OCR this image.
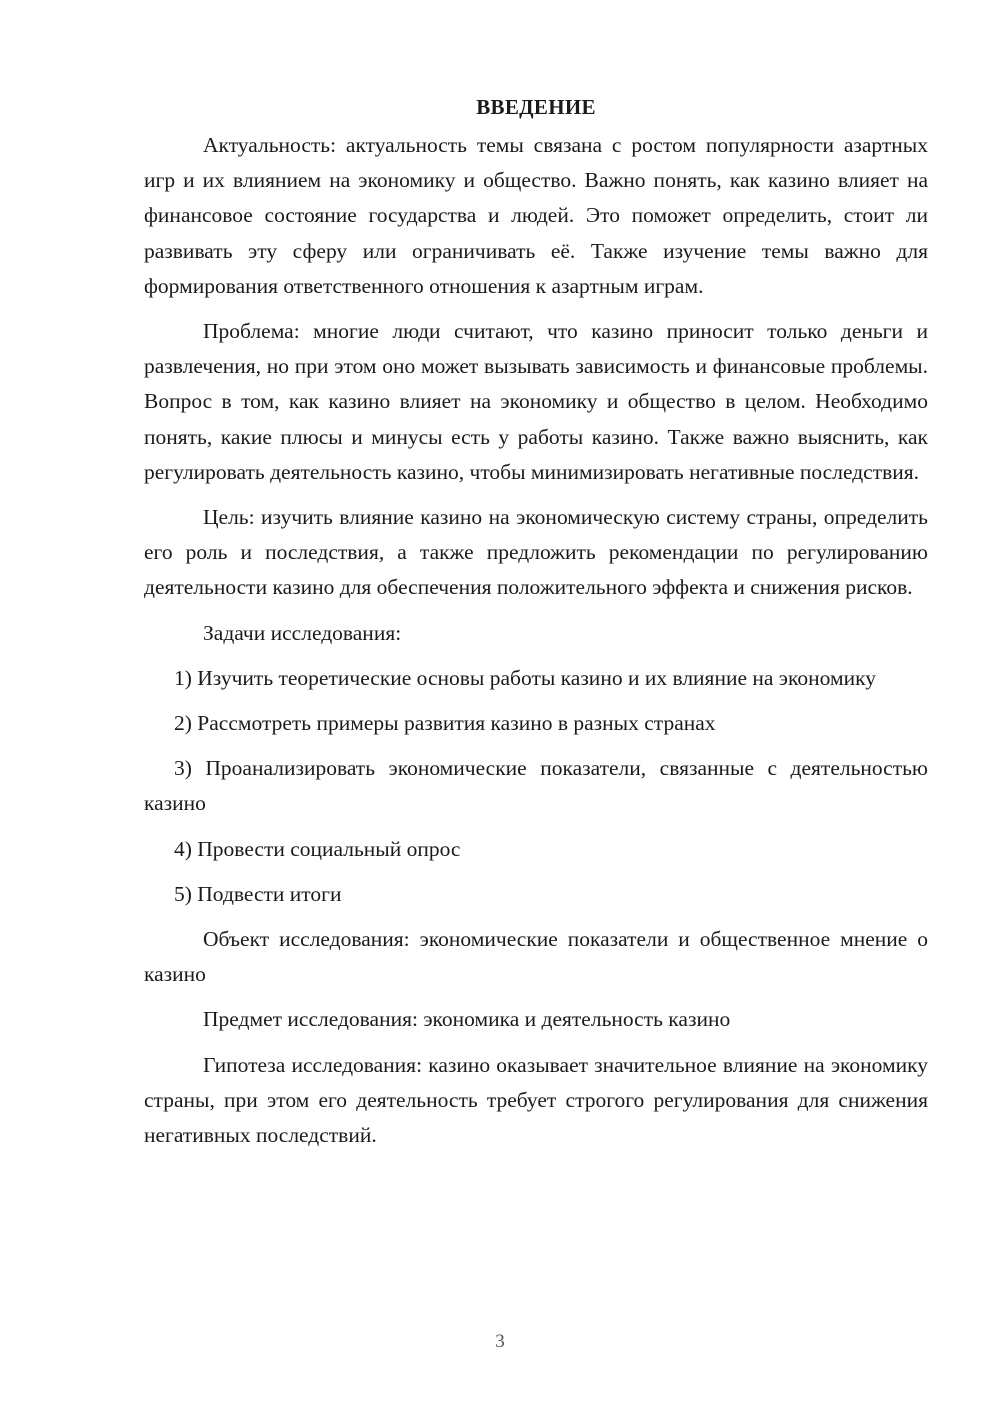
ВВЕДЕНИЕ

Актуальность: актуальность темы связана с ростом популярности азартных игр и их влиянием на экономику и общество. Важно понять, как казино влияет на финансовое состояние государства и людей. Это поможет определить, стоит ли развивать эту сферу или ограничивать её. Также изучение темы важно для формирования ответственного отношения к азартным играм.

Проблема: многие люди считают, что казино приносит только деньги и развлечения, но при этом оно может вызывать зависимость и финансовые проблемы. Вопрос в том, как казино влияет на экономику и общество в целом. Необходимо понять, какие плюсы и минусы есть у работы казино. Также важно выяснить, как регулировать деятельность казино, чтобы минимизировать негативные последствия.

Цель: изучить влияние казино на экономическую систему страны, определить его роль и последствия, а также предложить рекомендации по регулированию деятельности казино для обеспечения положительного эффекта и снижения рисков.

Задачи исследования:

1) Изучить теоретические основы работы казино и их влияние на экономику

2) Рассмотреть примеры развития казино в разных странах

3) Проанализировать экономические показатели, связанные с деятельностью казино

4) Провести социальный опрос

5) Подвести итоги

Объект исследования: экономические показатели и общественное мнение о казино

Предмет исследования: экономика и деятельность казино

Гипотеза исследования: казино оказывает значительное влияние на экономику страны, при этом его деятельность требует строгого регулирования для снижения негативных последствий.

3
